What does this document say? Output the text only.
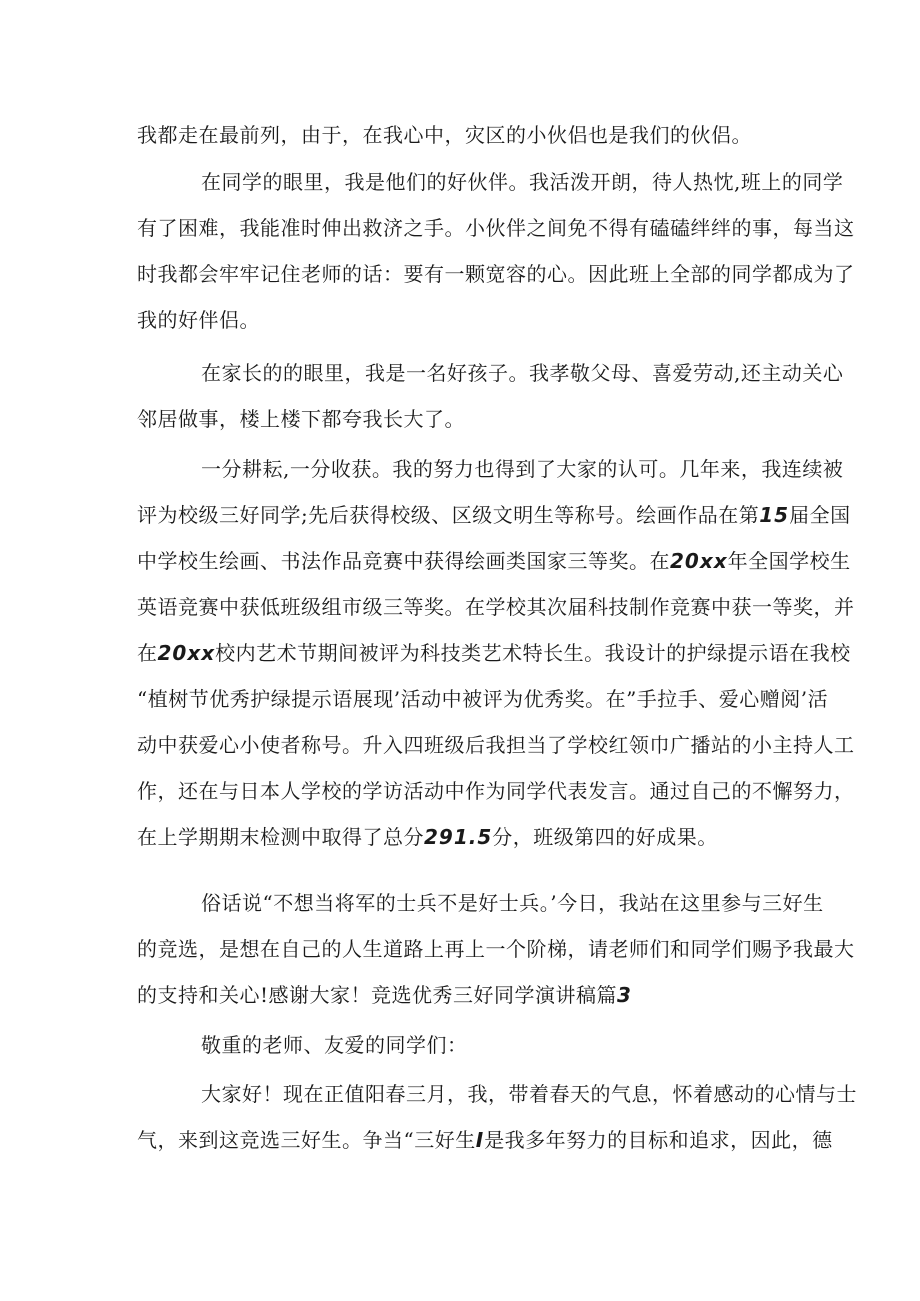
我都走在最前列，由于，在我心中，灾区的小伙侣也是我们的伙侣。

在同学的眼里，我是他们的好伙伴。我活泼开朗，待人热忱,班上的同学
有了困难，我能准时伸出救济之手。小伙伴之间免不得有磕磕绊绊的事，每当这
时我都会牢牢记住老师的话：要有一颗宽容的心。因此班上全部的同学都成为了
我的好伴侣。

在家长的的眼里，我是一名好孩子。我孝敬父母、喜爱劳动,还主动关心
邻居做事，楼上楼下都夸我长大了。

一分耕耘,一分收获。我的努力也得到了大家的认可。几年来，我连续被
评为校级三好同学;先后获得校级、区级文明生等称号。绘画作品在第15届全国
中学校生绘画、书法作品竞赛中获得绘画类国家三等奖。在20xx年全国学校生
英语竞赛中获低班级组市级三等奖。在学校其次届科技制作竞赛中获一等奖，并
在20xx校内艺术节期间被评为科技类艺术特长生。我设计的护绿提示语在我校
“植树节优秀护绿提示语展现’活动中被评为优秀奖。在”手拉手、爱心赠阅’活
动中获爱心小使者称号。升入四班级后我担当了学校红领巾广播站的小主持人工
作，还在与日本人学校的学访活动中作为同学代表发言。通过自己的不懈努力，
在上学期期末检测中取得了总分291.5分，班级第四的好成果。

俗话说“不想当将军的士兵不是好士兵。’今日，我站在这里参与三好生
的竞选，是想在自己的人生道路上再上一个阶梯，请老师们和同学们赐予我最大
的支持和关心!感谢大家！竞选优秀三好同学演讲稿篇3

敬重的老师、友爱的同学们：

大家好！现在正值阳春三月，我，带着春天的气息，怀着感动的心情与士
气，来到这竞选三好生。争当“三好生I是我多年努力的目标和追求，因此，德
